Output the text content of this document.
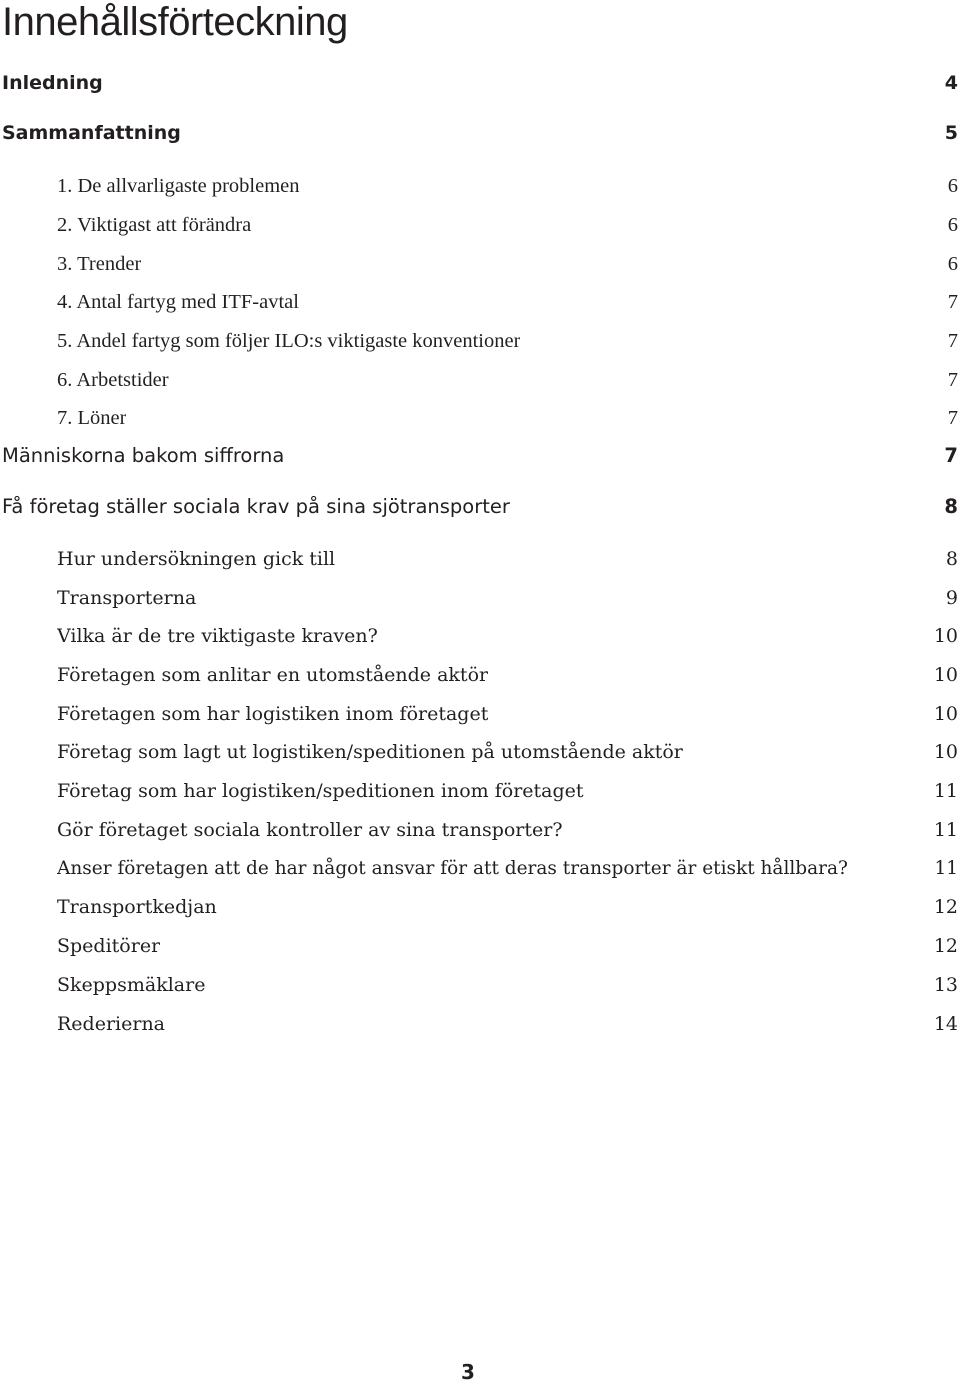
Innehållsförteckning
Inledning	4
Sammanfattning	5
1. De allvarligaste problemen	6
2. Viktigast att förändra	6
3. Trender	6
4. Antal fartyg med ITF-avtal	7
5. Andel fartyg som följer ILO:s viktigaste konventioner	7
6. Arbetstider	7
7. Löner	7
Människorna bakom siffrorna	7
Få företag ställer sociala krav på sina sjötransporter	8
Hur undersökningen gick till	8
Transporterna	9
Vilka är de tre viktigaste kraven?	10
Företagen som anlitar en utomstående aktör	10
Företagen som har logistiken inom företaget	10
Företag som lagt ut logistiken/speditionen på utomstående aktör	10
Företag som har logistiken/speditionen inom företaget	11
Gör företaget sociala kontroller av sina transporter?	11
Anser företagen att de har något ansvar för att deras transporter är etiskt hållbara?	11
Transportkedjan	12
Speditörer	12
Skeppsmäklare	13
Rederierna	14
3
